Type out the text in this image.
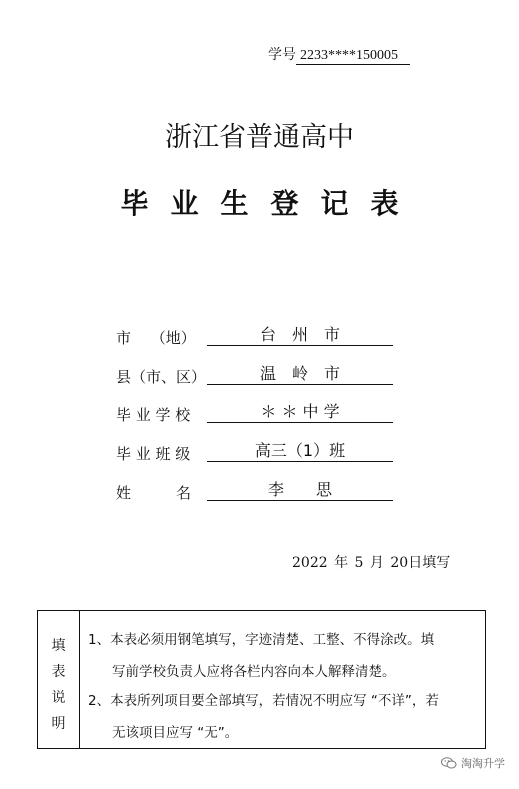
学号 2233****150005
浙江省普通高中
毕业生登记表
市　 （地）	台　州　市
县（市、区）	温　岭　市
毕 业 学 校	＊ ＊ 中 学
毕 业 班 级	高三（1）班
姓　　　名	李　　思
2022 年 5 月 20日填写
填
表
说
明
1、本表必须用钢笔填写，字迹清楚、工整、不得涂改。填
写前学校负责人应将各栏内容向本人解释清楚。
2、本表所列项目要全部填写，若情况不明应写 “不详”，若
无该项目应写 “无”。
淘淘升学
